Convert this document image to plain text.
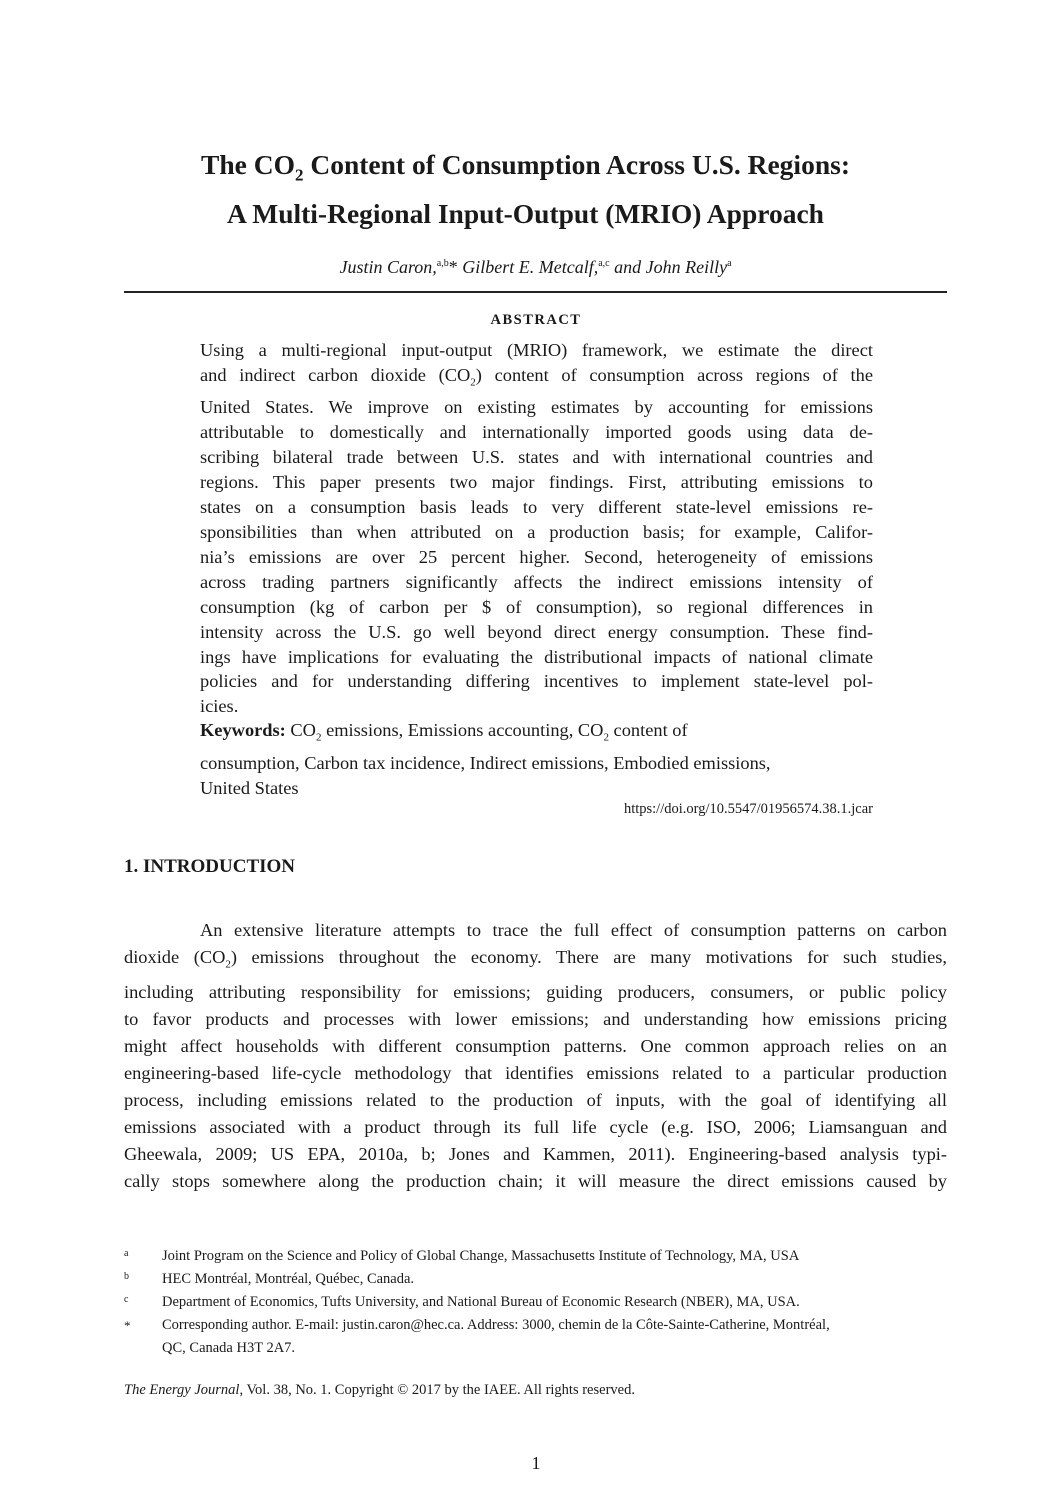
The $CO_2$ Content of Consumption Across U.S. Regions:
A Multi-Regional Input-Output (MRIO) Approach
Justin Caron,$^{a,b}$* Gilbert E. Metcalf,$^{a,c}$ and John Reilly$^a$
ABSTRACT
Using a multi-regional input-output (MRIO) framework, we estimate the direct
and indirect carbon dioxide $(CO_2)$ content of consumption across regions of the
United States. We improve on existing estimates by accounting for emissions
attributable to domestically and internationally imported goods using data de-
scribing bilateral trade between U.S. states and with international countries and
regions. This paper presents two major findings. First, attributing emissions to
states on a consumption basis leads to very different state-level emissions re-
sponsibilities than when attributed on a production basis; for example, Califor-
nia’s emissions are over 25 percent higher. Second, heterogeneity of emissions
across trading partners significantly affects the indirect emissions intensity of
consumption (kg of carbon per $ of consumption), so regional differences in
intensity across the U.S. go well beyond direct energy consumption. These find-
ings have implications for evaluating the distributional impacts of national climate
policies and for understanding differing incentives to implement state-level pol-
icies.
Keywords: $CO_2$ emissions, Emissions accounting, $CO_2$ content of
consumption, Carbon tax incidence, Indirect emissions, Embodied emissions,
United States
https://doi.org/10.5547/01956574.38.1.jcar
1. INTRODUCTION
An extensive literature attempts to trace the full effect of consumption patterns on carbon
dioxide $(CO_2)$ emissions throughout the economy. There are many motivations for such studies,
including attributing responsibility for emissions; guiding producers, consumers, or public policy
to favor products and processes with lower emissions; and understanding how emissions pricing
might affect households with different consumption patterns. One common approach relies on an
engineering-based life-cycle methodology that identifies emissions related to a particular production
process, including emissions related to the production of inputs, with the goal of identifying all
emissions associated with a product through its full life cycle (e.g. ISO, 2006; Liamsanguan and
Gheewala, 2009; US EPA, 2010a, b; Jones and Kammen, 2011). Engineering-based analysis typi-
cally stops somewhere along the production chain; it will measure the direct emissions caused by
a Joint Program on the Science and Policy of Global Change, Massachusetts Institute of Technology, MA, USA
b HEC Montréal, Montréal, Québec, Canada.
c Department of Economics, Tufts University, and National Bureau of Economic Research (NBER), MA, USA.
* Corresponding author. E-mail: justin.caron@hec.ca. Address: 3000, chemin de la Côte-Sainte-Catherine, Montréal,
QC, Canada H3T 2A7.
The Energy Journal, Vol. 38, No. 1. Copyright © 2017 by the IAEE. All rights reserved.
1
